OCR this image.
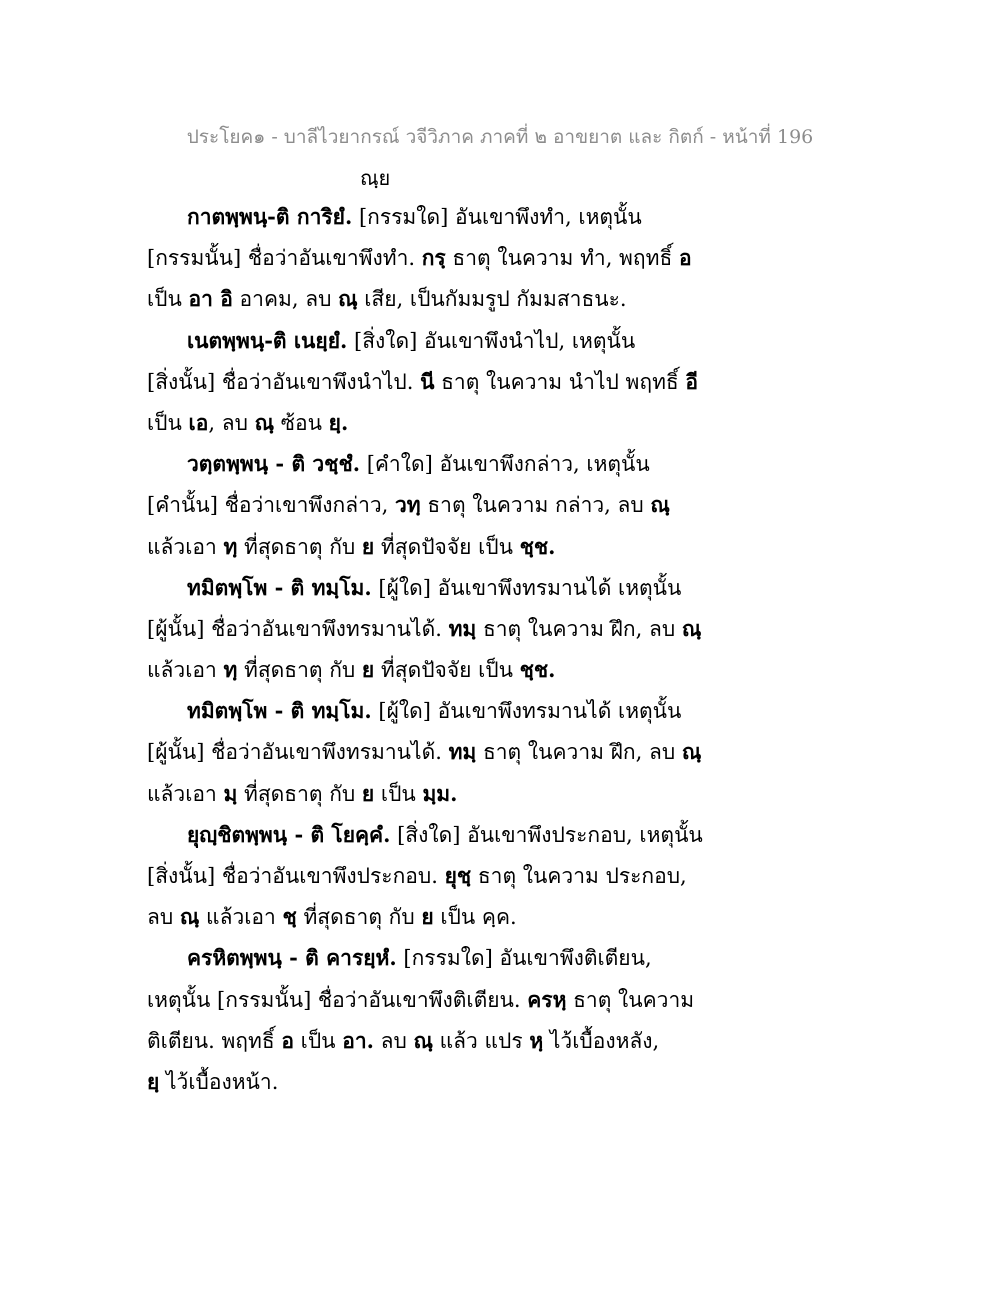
ประโยค๑ - บาลีไวยากรณ์ วจีวิภาค ภาคที่ ๒ อาขยาต และ กิตก์ - หน้าที่ 196
ณฺย
กาตพฺพนฺ-ติ การิยํ. [กรรมใด] อันเขาพึงทำ, เหตุนั้น
[กรรมนั้น] ชื่อว่าอันเขาพึงทำ. กรฺ ธาตุ ในความ ทำ, พฤทธิ์ อ
เป็น อา อิ อาคม, ลบ ณฺ เสีย, เป็นกัมมรูป กัมมสาธนะ.
เนตพฺพนฺ-ติ เนยฺยํ. [สิ่งใด] อันเขาพึงนำไป, เหตุนั้น
[สิ่งนั้น] ชื่อว่าอันเขาพึงนำไป. นี ธาตุ ในความ นำไป พฤทธิ์ อี
เป็น เอ, ลบ ณฺ ซ้อน ยฺ.
วตฺตพฺพนฺ - ติ วชฺชํ. [คำใด] อันเขาพึงกล่าว, เหตุนั้น
[คำนั้น] ชื่อว่าเขาพึงกล่าว, วทฺ ธาตุ ในความ กล่าว, ลบ ณฺ
แล้วเอา ทฺ ที่สุดธาตุ กับ ย ที่สุดปัจจัย เป็น ชฺช.
ทมิตพฺโพ - ติ ทมฺโม. [ผู้ใด] อันเขาพึงทรมานได้ เหตุนั้น
[ผู้นั้น] ชื่อว่าอันเขาพึงทรมานได้. ทมฺ ธาตุ ในความ ฝึก, ลบ ณฺ
แล้วเอา ทฺ ที่สุดธาตุ กับ ย ที่สุดปัจจัย เป็น ชฺช.
ทมิตพฺโพ - ติ ทมฺโม. [ผู้ใด] อันเขาพึงทรมานได้ เหตุนั้น
[ผู้นั้น] ชื่อว่าอันเขาพึงทรมานได้. ทมฺ ธาตุ ในความ ฝึก, ลบ ณฺ
แล้วเอา มฺ ที่สุดธาตุ กับ ย เป็น มฺม.
ยุญฺชิตพฺพนฺ - ติ โยคฺคํ. [สิ่งใด] อันเขาพึงประกอบ, เหตุนั้น
[สิ่งนั้น] ชื่อว่าอันเขาพึงประกอบ. ยุชฺ ธาตุ ในความ ประกอบ,
ลบ ณฺ แล้วเอา ชฺ ที่สุดธาตุ กับ ย เป็น คฺค.
ครหิตพฺพนฺ - ติ คารยฺหํ. [กรรมใด] อันเขาพึงติเตียน,
เหตุนั้น [กรรมนั้น] ชื่อว่าอันเขาพึงติเตียน. ครหฺ ธาตุ ในความ
ติเตียน. พฤทธิ์ อ เป็น อา. ลบ ณฺ แล้ว แปร หฺ ไว้เบื้องหลัง,
ยฺ ไว้เบื้องหน้า.
